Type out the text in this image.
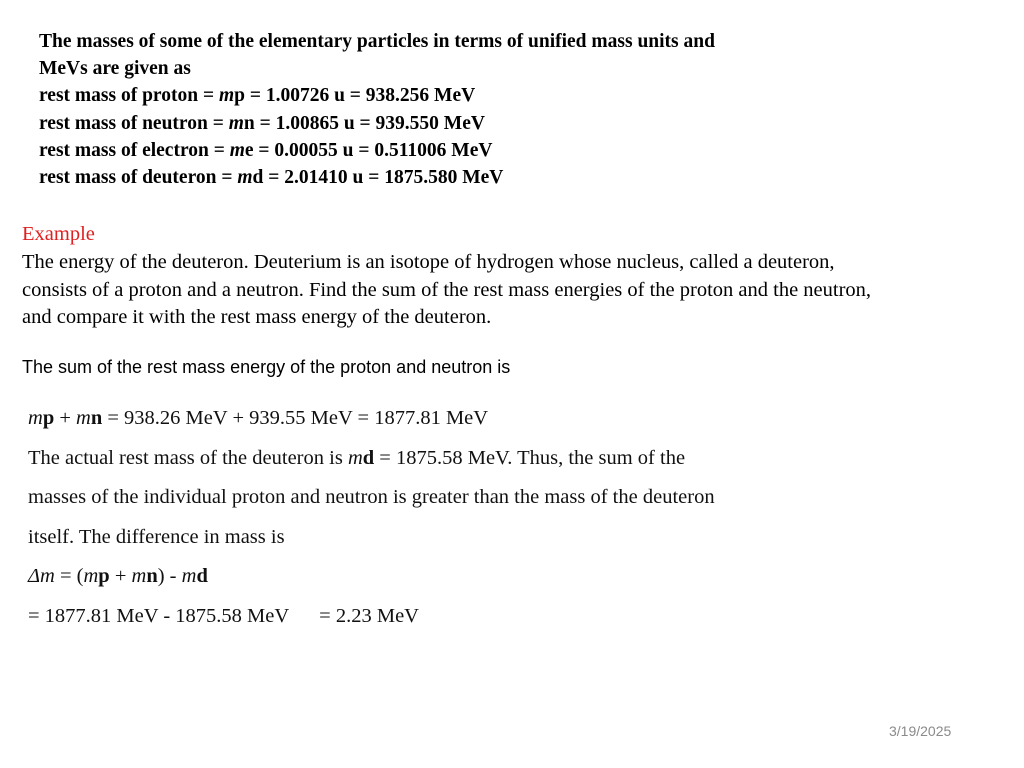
The masses of some of the elementary particles in terms of unified mass units and
MeVs are given as
rest mass of proton = mp = 1.00726 u = 938.256 MeV
rest mass of neutron = mn = 1.00865 u = 939.550 MeV
rest mass of electron = me = 0.00055 u = 0.511006 MeV
rest mass of deuteron = md = 2.01410 u = 1875.580 MeV
Example
The energy of the deuteron. Deuterium is an isotope of hydrogen whose nucleus, called a deuteron,
consists of a proton and a neutron. Find the sum of the rest mass energies of the proton and the neutron,
and compare it with the rest mass energy of the deuteron.
The sum of the rest mass energy of the proton and neutron is
mp + mn = 938.26 MeV + 939.55 MeV = 1877.81 MeV
The actual rest mass of the deuteron is md = 1875.58 MeV. Thus, the sum of the
masses of the individual proton and neutron is greater than the mass of the deuteron
itself. The difference in mass is
Δm = (mp + mn) - md
= 1877.81 MeV - 1875.58 MeV = 2.23 MeV
3/19/2025
